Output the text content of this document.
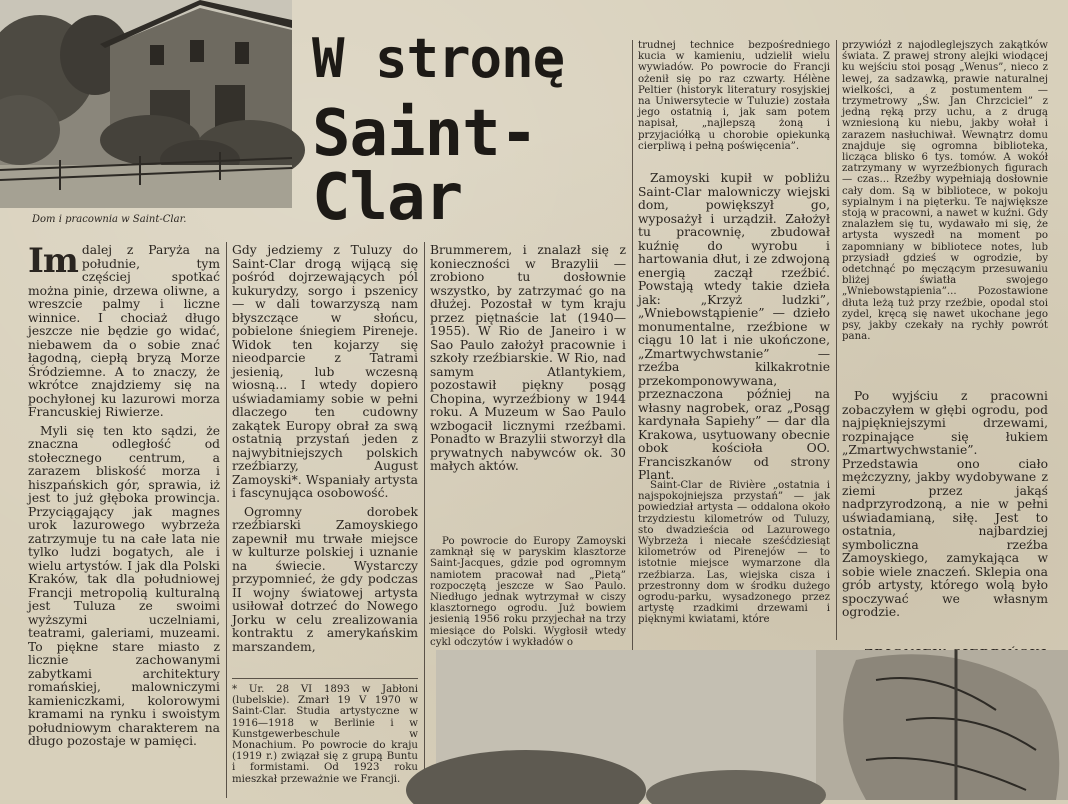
Dom i pracownia w Saint-Clar.
W stronę
Saint-Clar

Im dalej z Paryża na południe, tym częściej spotkać można pinie, drzewa oliwne, a wreszcie palmy i liczne winnice. I chociaż długo jeszcze nie będzie go widać, niebawem da o sobie znać łagodną, ciepłą bryzą Morze Śródziemne. A to znaczy, że wkrótce znajdziemy się na pochyłonej ku lazurowi morza Francuskiej Riwierze.

Myli się ten kto sądzi, że znaczna odległość od stołecznego centrum, a zarazem bliskość morza i hiszpańskich gór, sprawia, iż jest to już głęboka prowincja. Przyciągający jak magnes urok lazurowego wybrzeża zatrzymuje tu na całe lata nie tylko ludzi bogatych, ale i wielu artystów. I jak dla Polski Kraków, tak dla południowej Francji metropolią kulturalną jest Tuluza ze swoimi wyższymi uczelniami, teatrami, galeriami, muzeami. To piękne stare miasto z licznie zachowanymi zabytkami architektury romańskiej, malowniczymi kamieniczkami, kolorowymi kramami na rynku i swoistym południowym charakterem na długo pozostaje w pamięci.

Gdy jedziemy z Tuluzy do Saint-Clar drogą wijącą się pośród dojrzewających pól kukurydzy, sorgo i pszenicy — w dali towarzyszą nam błyszczące w słońcu, pobielone śniegiem Pireneje. Widok ten kojarzy się nieodparcie z Tatrami jesienią, lub wczesną wiosną... I wtedy dopiero uświadamiamy sobie w pełni dlaczego ten cudowny zakątek Europy obrał za swą ostatnią przystań jeden z najwybitniejszych polskich rzeźbiarzy, August Zamoyski*. Wspaniały artysta i fascynująca osobowość.

Ogromny dorobek rzeźbiarski Zamoyskiego zapewnił mu trwałe miejsce w kulturze polskiej i uznanie na świecie. Wystarczy przypomnieć, że gdy podczas II wojny światowej artysta usiłował dotrzeć do Nowego Jorku w celu zrealizowania kontraktu z amerykańskim marszandem,

* Ur. 28 VI 1893 w Jabłoni (lubelskie). Zmarł 19 V 1970 w Saint-Clar. Studia artystyczne w 1916—1918 w Berlinie i w Kunstgewerbeschule w Monachium. Po powrocie do kraju (1919 r.) związał się z grupą Buntu i formistami. Od 1923 roku mieszkał przeważnie we Francji.

Brummerem, i znalazł się z konieczności w Brazylii — zrobiono tu dosłownie wszystko, by zatrzymać go na dłużej. Pozostał w tym kraju przez piętnaście lat (1940—1955). W Rio de Janeiro i w Sao Paulo założył pracownie i szkoły rzeźbiarskie. W Rio, nad samym Atlantykiem, pozostawił piękny posąg Chopina, wyrzeźbiony w 1944 roku. A Muzeum w Sao Paulo wzbogacił licznymi rzeźbami. Ponadto w Brazylii stworzył dla prywatnych nabywców ok. 30 małych aktów.

Po powrocie do Europy Zamoyski zamknął się w paryskim klasztorze Saint-Jacques, gdzie pod ogromnym namiotem pracował nad „Pietą” rozpoczętą jeszcze w Sao Paulo. Niedługo jednak wytrzymał w ciszy klasztornego ogrodu. Już bowiem jesienią 1956 roku przyjechał na trzy miesiące do Polski. Wygłosił wtedy cykl odczytów i wykładów o

trudnej technice bezpośredniego kucia w kamieniu, udzielił wielu wywiadów. Po powrocie do Francji ożenił się po raz czwarty. Hélène Peltier (historyk literatury rosyjskiej na Uniwersytecie w Tuluzie) została jego ostatnią i, jak sam potem napisał, „najlepszą żoną i przyjaciółką u chorobie opiekunką cierpliwą i pełną poświęcenia”.

Zamoyski kupił w pobliżu Saint-Clar malowniczy wiejski dom, powiększył go, wyposażył i urządził. Założył tu pracownię, zbudował kuźnię do wyrobu i hartowania dłut, i ze zdwojoną energią zaczął rzeźbić. Powstają wtedy takie dzieła jak: „Krzyż ludzki”, „Wniebowstąpienie” — dzieło monumentalne, rzeźbione w ciągu 10 lat i nie ukończone, „Zmartwychwstanie” — rzeźba kilkakrotnie przekomponowywana, przeznaczona później na własny nagrobek, oraz „Posąg kardynała Sapiehy” — dar dla Krakowa, usytuowany obecnie obok kościoła OO. Franciszkanów od strony Plant.

Saint-Clar de Rivière „ostatnia i najspokojniejsza przystań” — jak powiedział artysta — oddalona około trzydziestu kilometrów od Tuluzy, sto dwadzieścia od Lazurowego Wybrzeża i niecałe sześćdziesiąt kilometrów od Pirenejów — to istotnie miejsce wymarzone dla rzeźbiarza. Las, wiejska cisza i przestronny dom w środku dużego ogrodu-parku, wysadzonego przez artystę rzadkimi drzewami i pięknymi kwiatami, które

przywiózł z najodleglejszych zakątków świata. Z prawej strony alejki wiodącej ku wejściu stoi posąg „Wenus”, nieco z lewej, za sadzawką, prawie naturalnej wielkości, a z postumentem — trzymetrowy „Św. Jan Chrzciciel” z jedną ręką przy uchu, a z drugą wzniesioną ku niebu, jakby wołał i zarazem nasłuchiwał. Wewnątrz domu znajduje się ogromna biblioteka, licząca blisko 6 tys. tomów. A wokół zatrzymany w wyrzeźbionych figurach — czas... Rzeźby wypełniają dosłownie cały dom. Są w bibliotece, w pokoju sypialnym i na pięterku. Te największe stoją w pracowni, a nawet w kuźni. Gdy znalazłem się tu, wydawało mi się, że artysta wyszedł na moment po zapomniany w bibliotece notes, lub przysiadł gdzieś w ogrodzie, by odetchnąć po męczącym przesuwaniu bliżej światła swojego „Wniebowstąpienia”... Pozostawione dłuta leżą tuż przy rzeźbie, opodal stoi zydel, kręcą się nawet ukochane jego psy, jakby czekały na rychły powrót pana.

Po wyjściu z pracowni zobaczyłem w głębi ogrodu, pod najpiękniejszymi drzewami, rozpinające się łukiem „Zmartwychwstanie”. Przedstawia ono ciało mężczyzny, jakby wydobywane z ziemi przez jakąś nadprzyrodzoną, a nie w pełni uświadamianą, siłę. Jest to ostatnia, najbardziej symboliczna rzeźba Zamoyskiego, zamykająca w sobie wiele znaczeń. Sklepia ona grób artysty, którego wolą było spoczywać we własnym ogrodzie.
